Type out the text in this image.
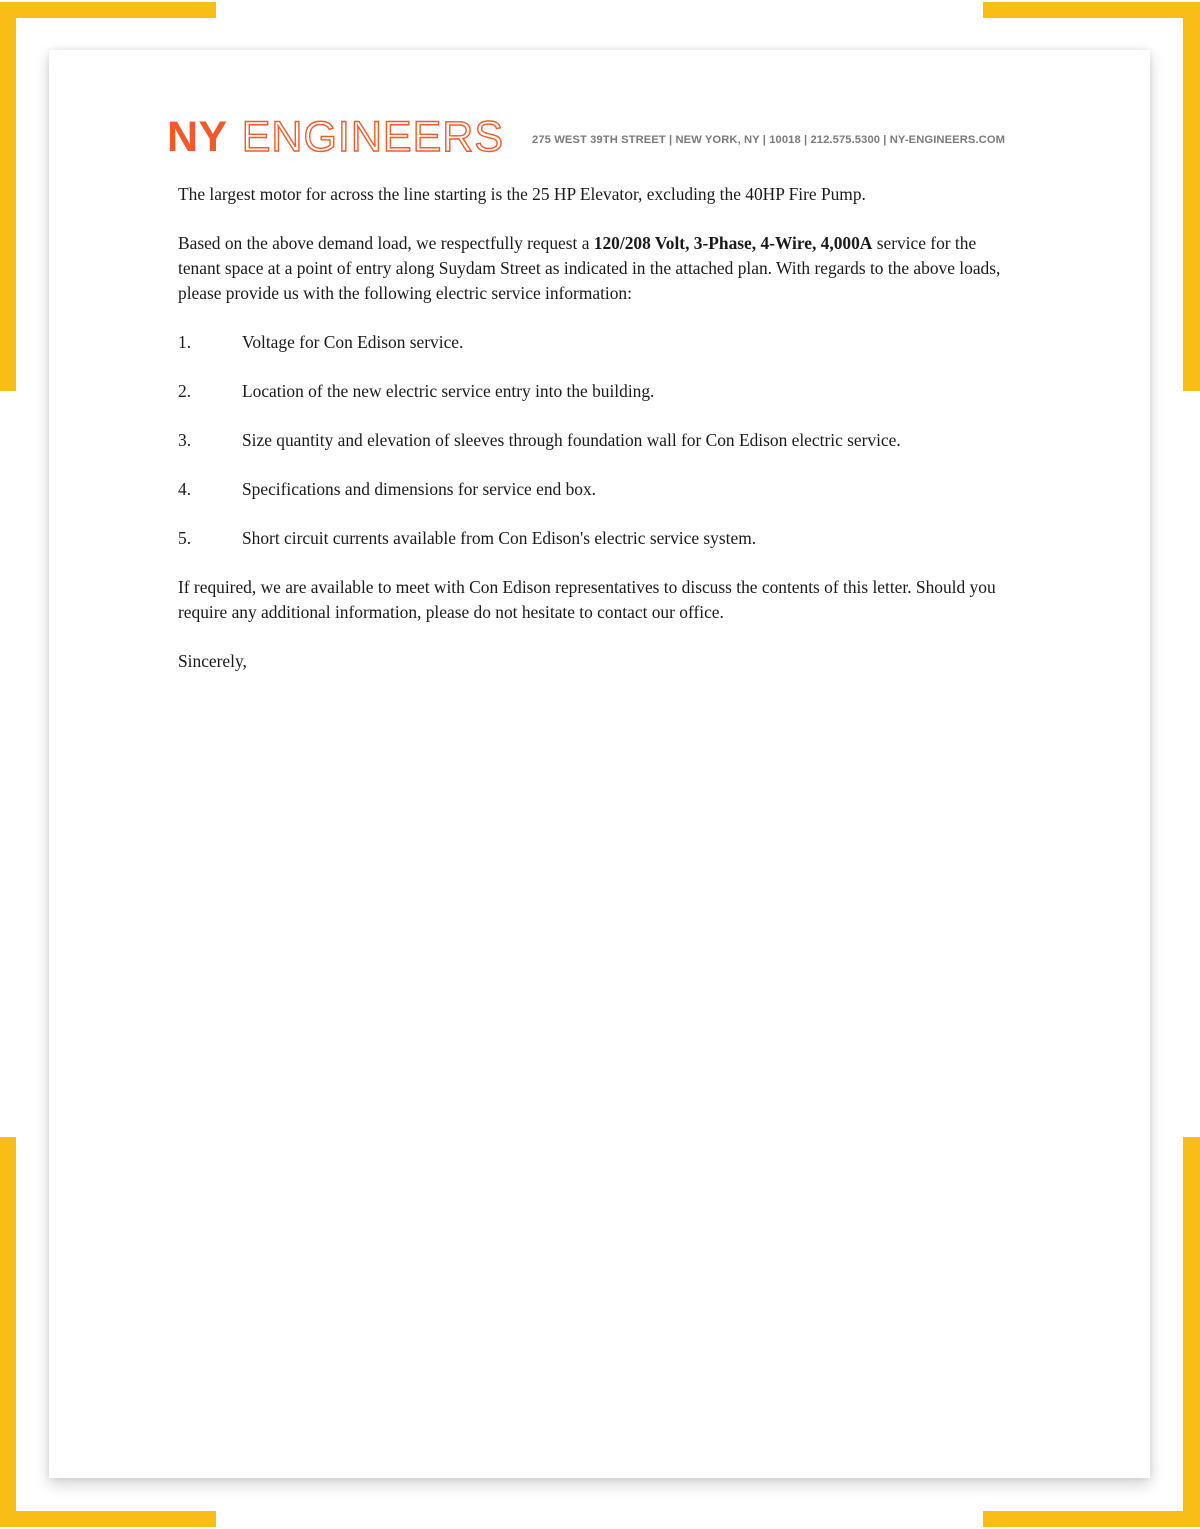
NY ENGINEERS	275 WEST 39TH STREET | NEW YORK, NY | 10018 | 212.575.5300 | NY-ENGINEERS.COM

The largest motor for across the line starting is the 25 HP Elevator, excluding the 40HP Fire Pump.

Based on the above demand load, we respectfully request a 120/208 Volt, 3-Phase, 4-Wire, 4,000A service for the tenant space at a point of entry along Suydam Street as indicated in the attached plan. With regards to the above loads, please provide us with the following electric service information:

1.	Voltage for Con Edison service.
2.	Location of the new electric service entry into the building.
3.	Size quantity and elevation of sleeves through foundation wall for Con Edison electric service.
4.	Specifications and dimensions for service end box.
5.	Short circuit currents available from Con Edison's electric service system.

If required, we are available to meet with Con Edison representatives to discuss the contents of this letter. Should you require any additional information, please do not hesitate to contact our office.

Sincerely,
